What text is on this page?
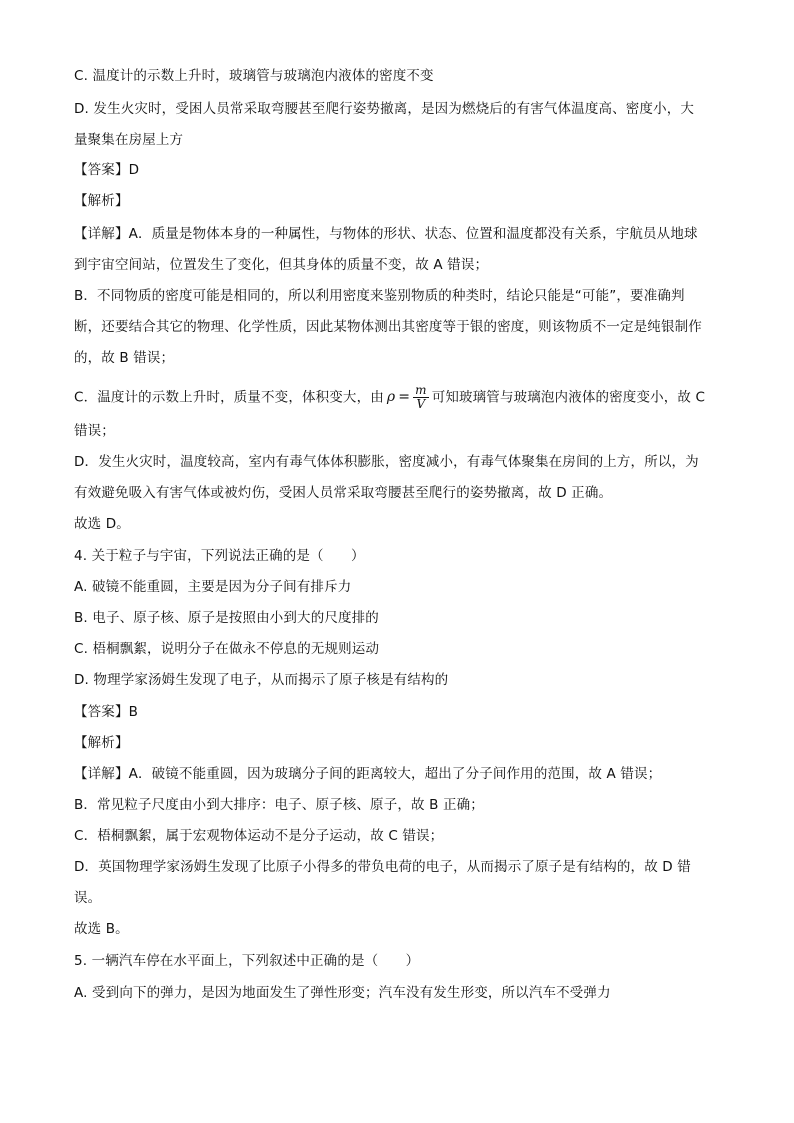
C. 温度计的示数上升时，玻璃管与玻璃泡内液体的密度不变
D. 发生火灾时，受困人员常采取弯腰甚至爬行姿势撤离，是因为燃烧后的有害气体温度高、密度小，大
量聚集在房屋上方
【答案】D
【解析】
【详解】A．质量是物体本身的一种属性，与物体的形状、状态、位置和温度都没有关系，宇航员从地球
到宇宙空间站，位置发生了变化，但其身体的质量不变，故 A 错误；
B．不同物质的密度可能是相同的，所以利用密度来鉴别物质的种类时，结论只能是“可能”，要准确判
断，还要结合其它的物理、化学性质，因此某物体测出其密度等于银的密度，则该物质不一定是纯银制作
的，故 B 错误；
C．温度计的示数上升时，质量不变，体积变大，由 $\rho = \frac{m}{V}$ 可知玻璃管与玻璃泡内液体的密度变小，故 C
错误；
D．发生火灾时，温度较高，室内有毒气体体积膨胀，密度减小，有毒气体聚集在房间的上方，所以，为
有效避免吸入有害气体或被灼伤，受困人员常采取弯腰甚至爬行的姿势撤离，故 D 正确。
故选 D。
4. 关于粒子与宇宙，下列说法正确的是（　　）
A. 破镜不能重圆，主要是因为分子间有排斥力
B. 电子、原子核、原子是按照由小到大的尺度排的
C. 梧桐飘絮，说明分子在做永不停息的无规则运动
D. 物理学家汤姆生发现了电子，从而揭示了原子核是有结构的
【答案】B
【解析】
【详解】A．破镜不能重圆，因为玻璃分子间的距离较大，超出了分子间作用的范围，故 A 错误；
B．常见粒子尺度由小到大排序：电子、原子核、原子，故 B 正确；
C．梧桐飘絮，属于宏观物体运动不是分子运动，故 C 错误；
D．英国物理学家汤姆生发现了比原子小得多的带负电荷的电子，从而揭示了原子是有结构的，故 D 错
误。
故选 B。
5. 一辆汽车停在水平面上，下列叙述中正确的是（　　）
A. 受到向下的弹力，是因为地面发生了弹性形变；汽车没有发生形变，所以汽车不受弹力
